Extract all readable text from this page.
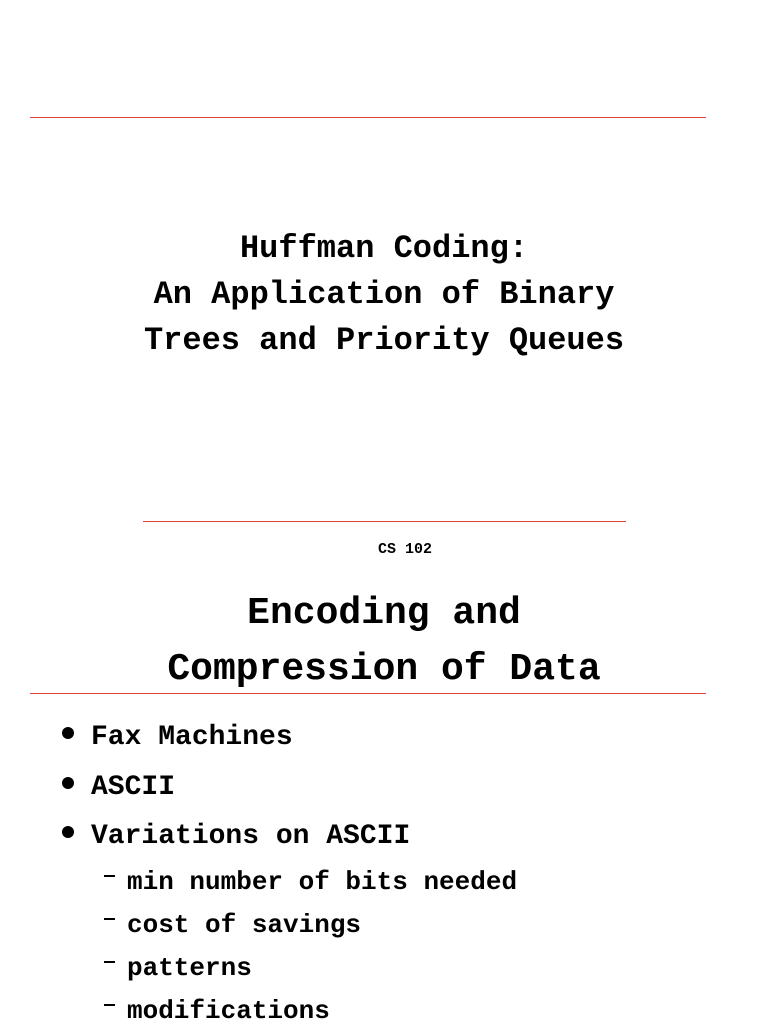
Huffman Coding:
An Application of Binary
Trees and Priority Queues
CS 102
Encoding and
Compression of Data
Fax Machines
ASCII
Variations on ASCII
min number of bits needed
cost of savings
patterns
modifications
